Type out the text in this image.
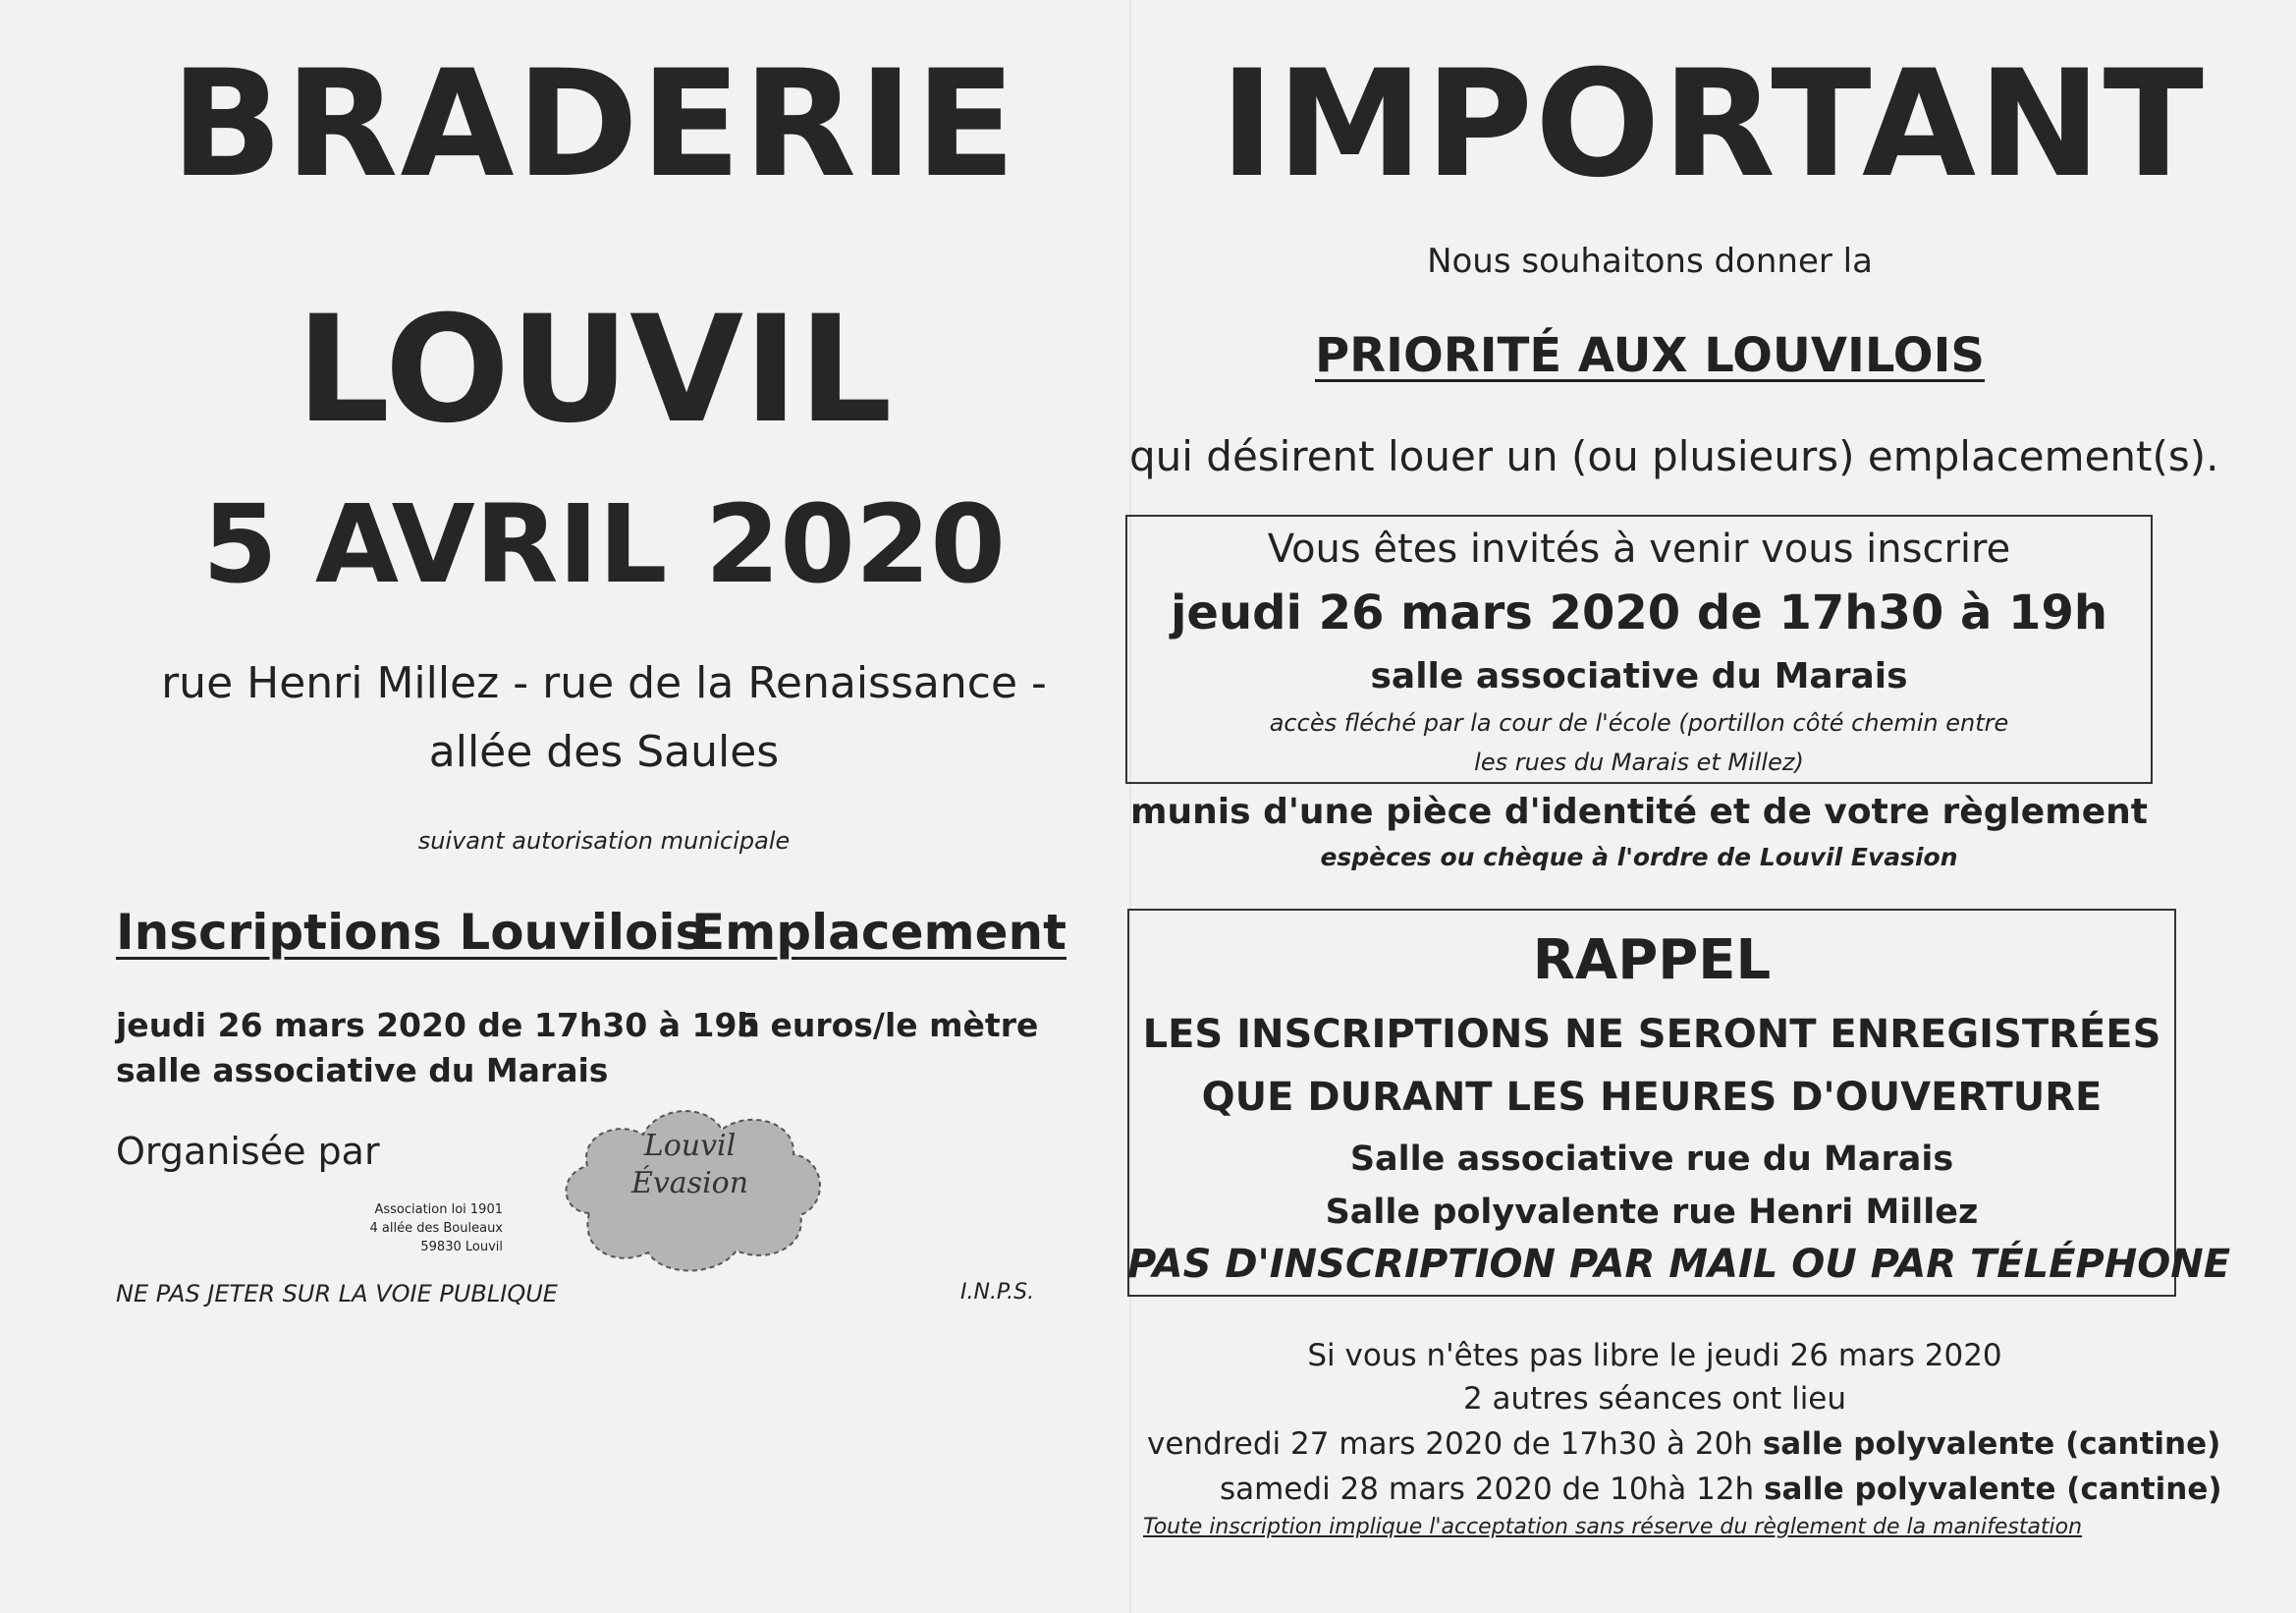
BRADERIE
LOUVIL
5 AVRIL 2020
rue Henri Millez - rue de la Renaissance -
allée des Saules
suivant autorisation municipale
Inscriptions Louvilois
Emplacement
jeudi 26 mars 2020 de 17h30 à 19h
salle associative du Marais
5 euros/le mètre
Organisée par
Association loi 1901
4 allée des Bouleaux
59830 Louvil
Louvil
Évasion
NE PAS JETER SUR LA VOIE PUBLIQUE	I.N.P.S.
IMPORTANT
Nous souhaitons donner la
PRIORITÉ AUX LOUVILOIS
qui désirent louer un (ou plusieurs) emplacement(s).
Vous êtes invités à venir vous inscrire
jeudi 26 mars 2020 de 17h30 à 19h
salle associative du Marais
accès fléché par la cour de l'école (portillon côté chemin entre
les rues du Marais et Millez)
munis d'une pièce d'identité et de votre règlement
espèces ou chèque à l'ordre de Louvil Evasion
RAPPEL
LES INSCRIPTIONS NE SERONT ENREGISTRÉES
QUE DURANT LES HEURES D'OUVERTURE
Salle associative rue du Marais
Salle polyvalente rue Henri Millez
PAS D'INSCRIPTION PAR MAIL OU PAR TÉLÉPHONE
Si vous n'êtes pas libre le jeudi 26 mars 2020
2 autres séances ont lieu
vendredi 27 mars 2020 de 17h30 à 20h salle polyvalente (cantine)
samedi 28 mars 2020 de 10hà 12h salle polyvalente (cantine)
Toute inscription implique l'acceptation sans réserve du règlement de la manifestation
